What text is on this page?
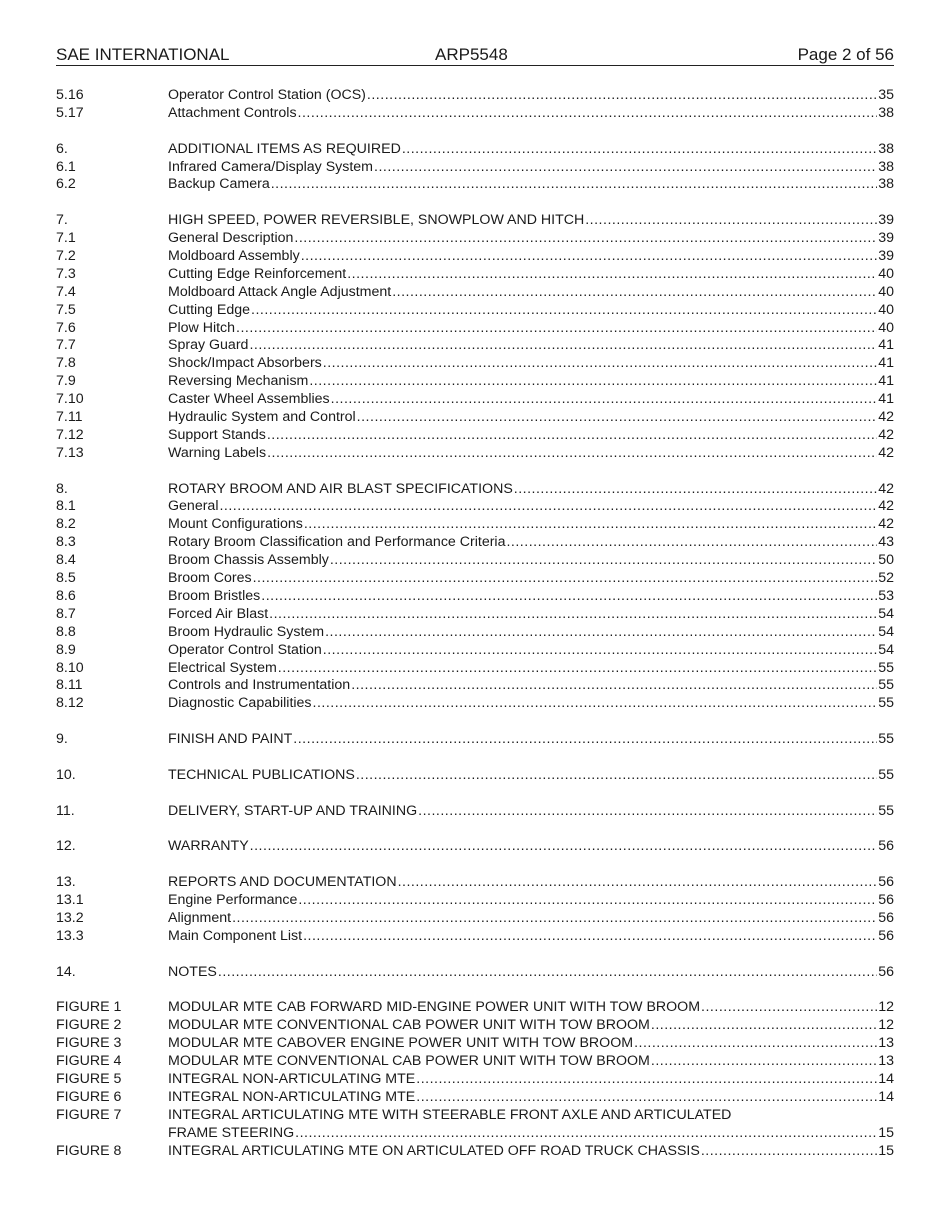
SAE INTERNATIONAL	ARP5548	Page 2 of 56
5.16	Operator Control Station (OCS) .....	35
5.17	Attachment Controls .....	38
6.	ADDITIONAL ITEMS AS REQUIRED .....	38
6.1	Infrared Camera/Display System .....	38
6.2	Backup Camera .....	38
7.	HIGH SPEED, POWER REVERSIBLE, SNOWPLOW AND HITCH .....	39
7.1	General Description .....	39
7.2	Moldboard Assembly .....	39
7.3	Cutting Edge Reinforcement .....	40
7.4	Moldboard Attack Angle Adjustment .....	40
7.5	Cutting Edge .....	40
7.6	Plow Hitch .....	40
7.7	Spray Guard .....	41
7.8	Shock/Impact Absorbers .....	41
7.9	Reversing Mechanism .....	41
7.10	Caster Wheel Assemblies .....	41
7.11	Hydraulic System and Control .....	42
7.12	Support Stands .....	42
7.13	Warning Labels .....	42
8.	ROTARY BROOM AND AIR BLAST SPECIFICATIONS .....	42
8.1	General .....	42
8.2	Mount Configurations .....	42
8.3	Rotary Broom Classification and Performance Criteria .....	43
8.4	Broom Chassis Assembly .....	50
8.5	Broom Cores .....	52
8.6	Broom Bristles .....	53
8.7	Forced Air Blast .....	54
8.8	Broom Hydraulic System .....	54
8.9	Operator Control Station .....	54
8.10	Electrical System .....	55
8.11	Controls and Instrumentation .....	55
8.12	Diagnostic Capabilities .....	55
9.	FINISH AND PAINT .....	55
10.	TECHNICAL PUBLICATIONS .....	55
11.	DELIVERY, START-UP AND TRAINING .....	55
12.	WARRANTY .....	56
13.	REPORTS AND DOCUMENTATION .....	56
13.1	Engine Performance .....	56
13.2	Alignment .....	56
13.3	Main Component List .....	56
14.	NOTES .....	56
FIGURE 1	MODULAR MTE CAB FORWARD MID-ENGINE POWER UNIT WITH TOW BROOM .....	12
FIGURE 2	MODULAR MTE CONVENTIONAL CAB POWER UNIT WITH TOW BROOM .....	12
FIGURE 3	MODULAR MTE CABOVER ENGINE POWER UNIT WITH TOW BROOM .....	13
FIGURE 4	MODULAR MTE CONVENTIONAL CAB POWER UNIT WITH TOW BROOM .....	13
FIGURE 5	INTEGRAL NON-ARTICULATING MTE .....	14
FIGURE 6	INTEGRAL NON-ARTICULATING MTE .....	14
FIGURE 7	INTEGRAL ARTICULATING MTE WITH STEERABLE FRONT AXLE AND ARTICULATED
FRAME STEERING .....	15
FIGURE 8	INTEGRAL ARTICULATING MTE ON ARTICULATED OFF ROAD TRUCK CHASSIS .....	15
